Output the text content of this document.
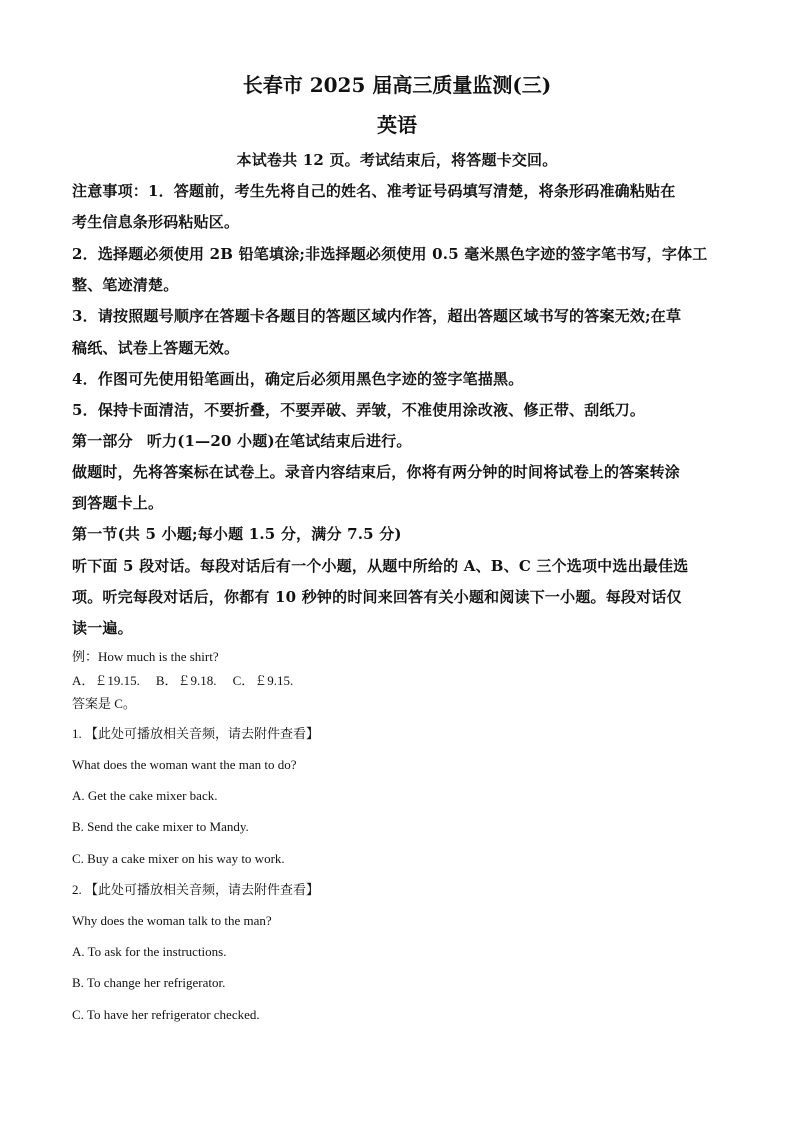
长春市 2025 届高三质量监测(三)
英语
本试卷共 12 页。考试结束后，将答题卡交回。
注意事项：1．答题前，考生先将自己的姓名、准考证号码填写清楚，将条形码准确粘贴在
考生信息条形码粘贴区。
2．选择题必须使用 2B 铅笔填涂;非选择题必须使用 0.5 毫米黑色字迹的签字笔书写，字体工
整、笔迹清楚。
3．请按照题号顺序在答题卡各题目的答题区域内作答，超出答题区域书写的答案无效;在草
稿纸、试卷上答题无效。
4．作图可先使用铅笔画出，确定后必须用黑色字迹的签字笔描黑。
5．保持卡面清洁，不要折叠，不要弄破、弄皱，不准使用涂改液、修正带、刮纸刀。
第一部分 听力(1—20 小题)在笔试结束后进行。
做题时，先将答案标在试卷上。录音内容结束后，你将有两分钟的时间将试卷上的答案转涂
到答题卡上。
第一节(共 5 小题;每小题 1.5 分，满分 7.5 分)
听下面 5 段对话。每段对话后有一个小题，从题中所给的 A、B、C 三个选项中选出最佳选
项。听完每段对话后，你都有 10 秒钟的时间来回答有关小题和阅读下一小题。每段对话仅
读一遍。
例：How much is the shirt?
A．￡19.15. B．￡9.18. C．￡9.15.
答案是 C。
1. 【此处可播放相关音频，请去附件查看】
What does the woman want the man to do?
A. Get the cake mixer back.
B. Send the cake mixer to Mandy.
C. Buy a cake mixer on his way to work.
2. 【此处可播放相关音频，请去附件查看】
Why does the woman talk to the man?
A. To ask for the instructions.
B. To change her refrigerator.
C. To have her refrigerator checked.
